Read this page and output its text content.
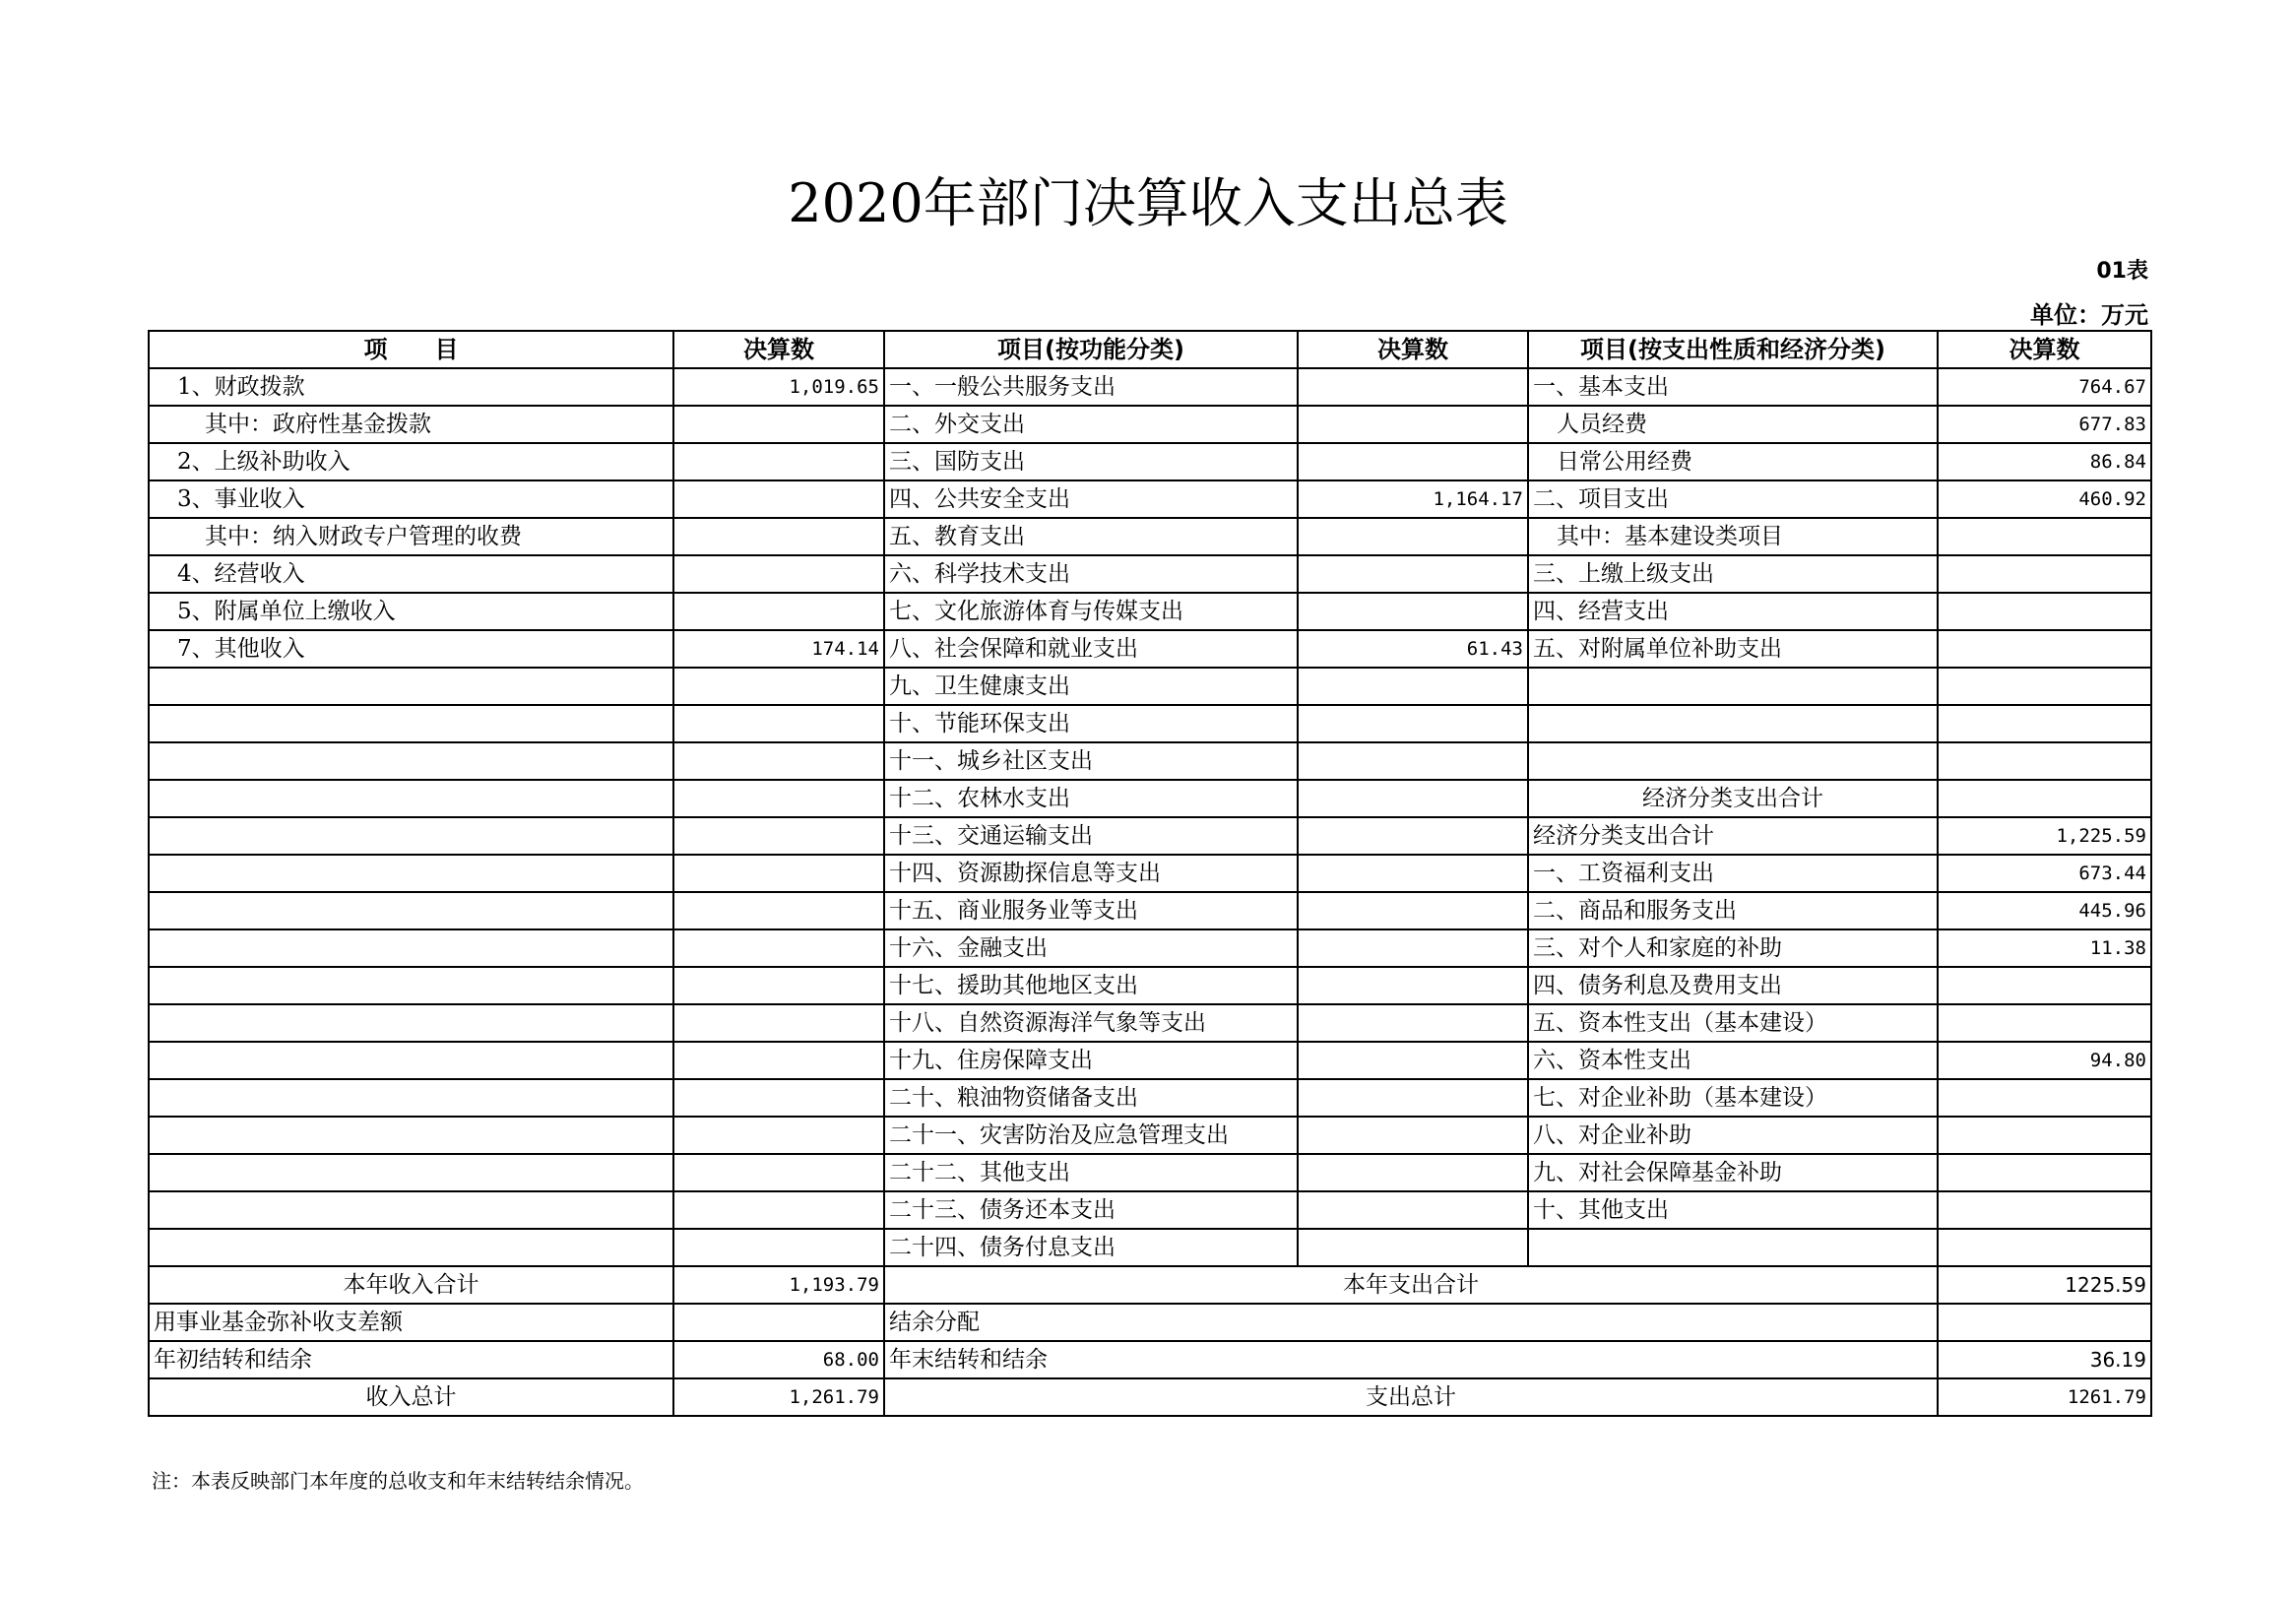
2020年部门决算收入支出总表
01表
单位：万元
项　　目	决算数	项目(按功能分类)	决算数	项目(按支出性质和经济分类)	决算数
1、财政拨款	1,019.65	一、一般公共服务支出		一、基本支出	764.67
其中：政府性基金拨款		二、外交支出		人员经费	677.83
2、上级补助收入		三、国防支出		日常公用经费	86.84
3、事业收入		四、公共安全支出	1,164.17	二、项目支出	460.92
其中：纳入财政专户管理的收费		五、教育支出		其中：基本建设类项目	
4、经营收入		六、科学技术支出		三、上缴上级支出	
5、附属单位上缴收入		七、文化旅游体育与传媒支出		四、经营支出	
7、其他收入	174.14	八、社会保障和就业支出	61.43	五、对附属单位补助支出	
		九、卫生健康支出			
		十、节能环保支出			
		十一、城乡社区支出			
		十二、农林水支出		经济分类支出合计	
		十三、交通运输支出		经济分类支出合计	1,225.59
		十四、资源勘探信息等支出		一、工资福利支出	673.44
		十五、商业服务业等支出		二、商品和服务支出	445.96
		十六、金融支出		三、对个人和家庭的补助	11.38
		十七、援助其他地区支出		四、债务利息及费用支出	
		十八、自然资源海洋气象等支出		五、资本性支出（基本建设）	
		十九、住房保障支出		六、资本性支出	94.80
		二十、粮油物资储备支出		七、对企业补助（基本建设）	
		二十一、灾害防治及应急管理支出		八、对企业补助	
		二十二、其他支出		九、对社会保障基金补助	
		二十三、债务还本支出		十、其他支出	
		二十四、债务付息支出			
本年收入合计	1,193.79	本年支出合计			1225.59
用事业基金弥补收支差额		结余分配			
年初结转和结余	68.00	年末结转和结余			36.19
收入总计	1,261.79	支出总计			1261.79
注：本表反映部门本年度的总收支和年末结转结余情况。
